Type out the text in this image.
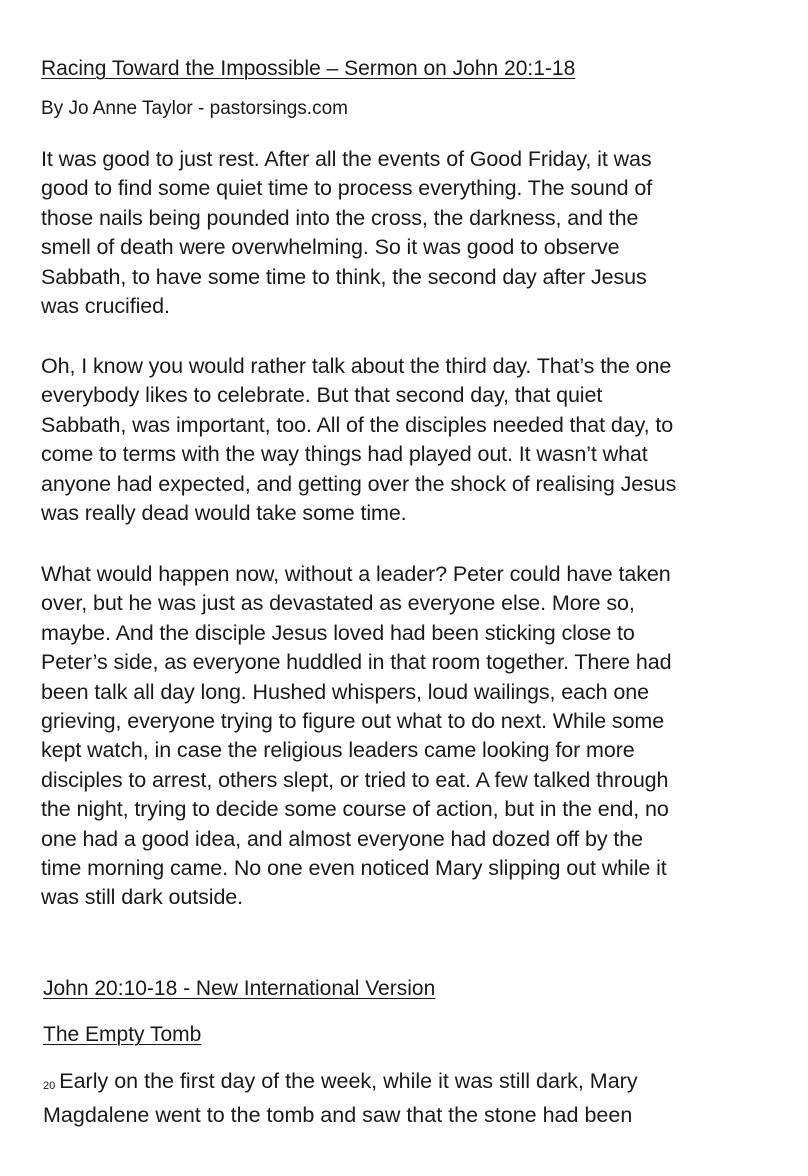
Racing Toward the Impossible – Sermon on John 20:1-18
By Jo Anne Taylor - pastorsings.com
It was good to just rest. After all the events of Good Friday, it was
good to find some quiet time to process everything. The sound of
those nails being pounded into the cross, the darkness, and the
smell of death were overwhelming. So it was good to observe
Sabbath, to have some time to think, the second day after Jesus
was crucified.
Oh, I know you would rather talk about the third day. That’s the one
everybody likes to celebrate. But that second day, that quiet
Sabbath, was important, too. All of the disciples needed that day, to
come to terms with the way things had played out. It wasn’t what
anyone had expected, and getting over the shock of realising Jesus
was really dead would take some time.
What would happen now, without a leader? Peter could have taken
over, but he was just as devastated as everyone else. More so,
maybe. And the disciple Jesus loved had been sticking close to
Peter’s side, as everyone huddled in that room together. There had
been talk all day long. Hushed whispers, loud wailings, each one
grieving, everyone trying to figure out what to do next. While some
kept watch, in case the religious leaders came looking for more
disciples to arrest, others slept, or tried to eat. A few talked through
the night, trying to decide some course of action, but in the end, no
one had a good idea, and almost everyone had dozed off by the
time morning came. No one even noticed Mary slipping out while it
was still dark outside.
John 20:10-18 - New International Version
The Empty Tomb
20 Early on the first day of the week, while it was still dark, Mary
Magdalene went to the tomb and saw that the stone had been
